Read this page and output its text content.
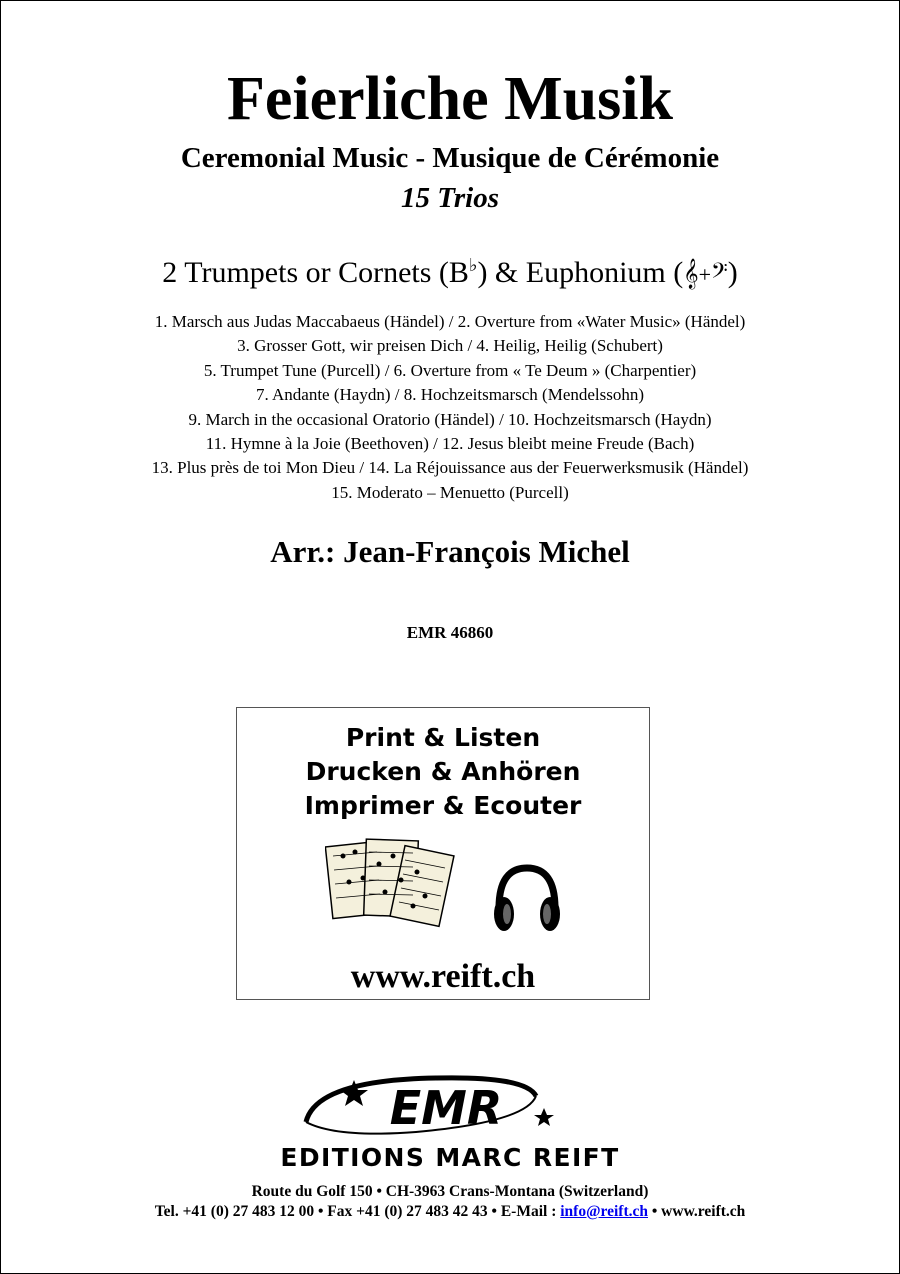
Feierliche Musik
Ceremonial Music - Musique de Cérémonie
15 Trios
2 Trumpets or Cornets (B♭) & Euphonium (𝄞+𝄢)
1. Marsch aus Judas Maccabaeus (Händel) / 2. Overture from «Water Music» (Händel)
3. Grosser Gott, wir preisen Dich / 4. Heilig, Heilig (Schubert)
5. Trumpet Tune (Purcell) / 6. Overture from « Te Deum » (Charpentier)
7. Andante (Haydn) / 8. Hochzeitsmarsch (Mendelssohn)
9. March in the occasional Oratorio (Händel) / 10. Hochzeitsmarsch (Haydn)
11. Hymne à la Joie (Beethoven) / 12. Jesus bleibt meine Freude (Bach)
13. Plus près de toi Mon Dieu / 14. La Réjouissance aus der Feuerwerksmusik (Händel)
15. Moderato – Menuetto (Purcell)
Arr.: Jean-François Michel
EMR 46860
Print & Listen
Drucken & Anhören
Imprimer & Ecouter
www.reift.ch
EMR
EDITIONS MARC REIFT
Route du Golf 150 • CH-3963 Crans-Montana (Switzerland)
Tel. +41 (0) 27 483 12 00 • Fax +41 (0) 27 483 42 43 • E-Mail : info@reift.ch • www.reift.ch
